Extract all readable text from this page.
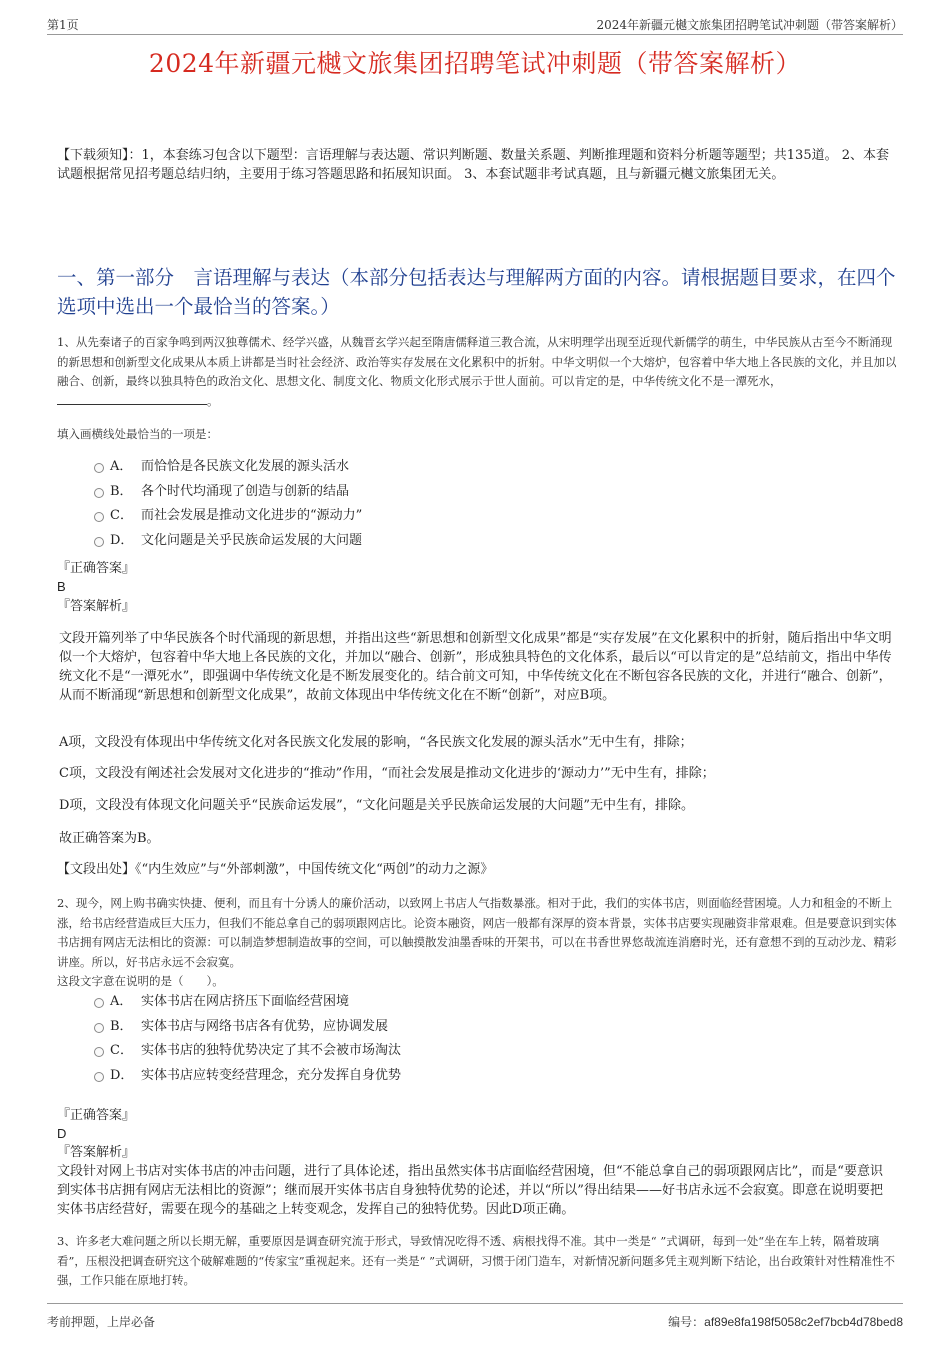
第1页	2024年新疆元樾文旅集团招聘笔试冲刺题（带答案解析）
2024年新疆元樾文旅集团招聘笔试冲刺题（带答案解析）
【下载须知】：1，本套练习包含以下题型：言语理解与表达题、常识判断题、数量关系题、判断推理题和资料分析题等题型；共135道。 2、本套试题根据常见招考题总结归纳，主要用于练习答题思路和拓展知识面。 3、本套试题非考试真题，且与新疆元樾文旅集团无关。
一、第一部分　言语理解与表达（本部分包括表达与理解两方面的内容。请根据题目要求，在四个选项中选出一个最恰当的答案。）
1、从先秦诸子的百家争鸣到两汉独尊儒术、经学兴盛，从魏晋玄学兴起至隋唐儒释道三教合流，从宋明理学出现至近现代新儒学的萌生，中华民族从古至今不断涌现的新思想和创新型文化成果从本质上讲都是当时社会经济、政治等实存发展在文化累积中的折射。中华文明似一个大熔炉，包容着中华大地上各民族的文化，并且加以融合、创新，最终以独具特色的政治文化、思想文化、制度文化、物质文化形式展示于世人面前。可以肯定的是，中华传统文化不是一潭死水，。
填入画横线处最恰当的一项是：
A． 而恰恰是各民族文化发展的源头活水
B． 各个时代均涌现了创造与创新的结晶
C． 而社会发展是推动文化进步的“源动力”
D． 文化问题是关乎民族命运发展的大问题
『正确答案』
B
『答案解析』
文段开篇列举了中华民族各个时代涌现的新思想，并指出这些“新思想和创新型文化成果”都是“实存发展”在文化累积中的折射，随后指出中华文明似一个大熔炉，包容着中华大地上各民族的文化，并加以“融合、创新”，形成独具特色的文化体系，最后以“可以肯定的是”总结前文，指出中华传统文化不是“一潭死水”，即强调中华传统文化是不断发展变化的。结合前文可知，中华传统文化在不断包容各民族的文化，并进行“融合、创新”，从而不断涌现“新思想和创新型文化成果”，故前文体现出中华传统文化在不断“创新”，对应B项。
A项，文段没有体现出中华传统文化对各民族文化发展的影响，“各民族文化发展的源头活水”无中生有，排除；
C项，文段没有阐述社会发展对文化进步的“推动”作用，“而社会发展是推动文化进步的‘源动力’”无中生有，排除；
D项，文段没有体现文化问题关乎“民族命运发展”，“文化问题是关乎民族命运发展的大问题”无中生有，排除。
故正确答案为B。
【文段出处】《“内生效应”与“外部刺激”，中国传统文化“两创”的动力之源》
2、现今，网上购书确实快捷、便利，而且有十分诱人的廉价活动，以致网上书店人气指数暴涨。相对于此，我们的实体书店，则面临经营困境。人力和租金的不断上涨，给书店经营造成巨大压力，但我们不能总拿自己的弱项跟网店比。论资本融资，网店一般都有深厚的资本背景，实体书店要实现融资非常艰难。但是要意识到实体书店拥有网店无法相比的资源：可以制造梦想制造故事的空间，可以触摸散发油墨香味的开架书，可以在书香世界悠哉流连消磨时光，还有意想不到的互动沙龙、精彩讲座。所以，好书店永远不会寂寞。
这段文字意在说明的是（　　）。
A． 实体书店在网店挤压下面临经营困境
B． 实体书店与网络书店各有优势，应协调发展
C． 实体书店的独特优势决定了其不会被市场淘汰
D． 实体书店应转变经营理念，充分发挥自身优势
『正确答案』
D
『答案解析』
文段针对网上书店对实体书店的冲击问题，进行了具体论述，指出虽然实体书店面临经营困境，但“不能总拿自己的弱项跟网店比”，而是“要意识到实体书店拥有网店无法相比的资源”；继而展开实体书店自身独特优势的论述，并以“所以”得出结果——好书店永远不会寂寞。即意在说明要把实体书店经营好，需要在现今的基础之上转变观念，发挥自己的独特优势。因此D项正确。
3、许多老大难问题之所以长期无解，重要原因是调查研究流于形式，导致情况吃得不透、病根找得不准。其中一类是“ ”式调研，每到一处“坐在车上转，隔着玻璃看”，压根没把调查研究这个破解难题的“传家宝”重视起来。还有一类是“ ”式调研，习惯于闭门造车，对新情况新问题多凭主观判断下结论，出台政策针对性精准性不强，工作只能在原地打转。
考前押题，上岸必备	编号：af89e8fa198f5058c2ef7bcb4d78bed8
